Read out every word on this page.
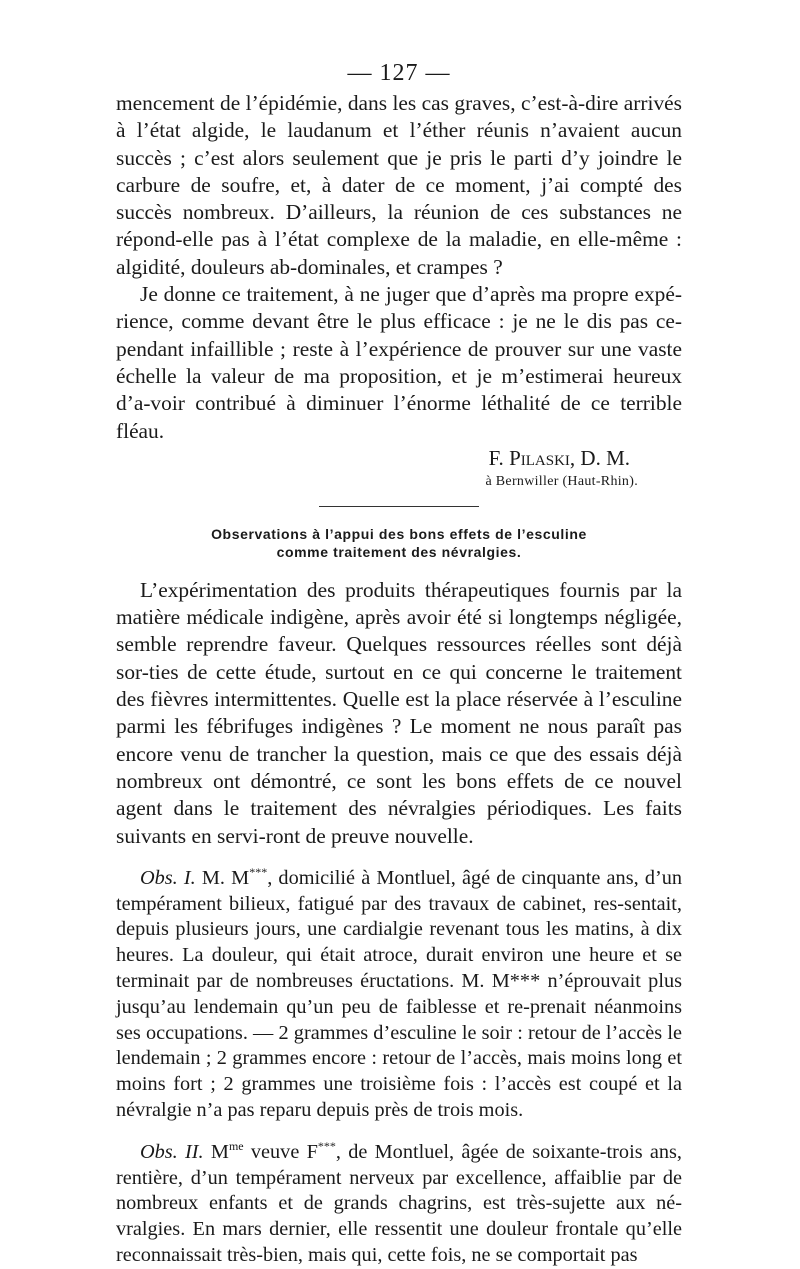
— 127 —

mencement de l’épidémie, dans les cas graves, c’est-à-dire arrivés à l’état algide, le laudanum et l’éther réunis n’avaient aucun succès ; c’est alors seulement que je pris le parti d’y joindre le carbure de soufre, et, à dater de ce moment, j’ai compté des succès nombreux. D’ailleurs, la réunion de ces substances ne répond-elle pas à l’état complexe de la maladie, en elle-même : algidité, douleurs ab-dominales, et crampes ?

Je donne ce traitement, à ne juger que d’après ma propre expé-rience, comme devant être le plus efficace : je ne le dis pas ce-pendant infaillible ; reste à l’expérience de prouver sur une vaste échelle la valeur de ma proposition, et je m’estimerai heureux d’a-voir contribué à diminuer l’énorme léthalité de ce terrible fléau.

F. Pilaski, D. M.
à Bernwiller (Haut-Rhin).
Observations à l’appui des bons effets de l’esculine
comme traitement des névralgies.

L’expérimentation des produits thérapeutiques fournis par la matière médicale indigène, après avoir été si longtemps négligée, semble reprendre faveur. Quelques ressources réelles sont déjà sor-ties de cette étude, surtout en ce qui concerne le traitement des fièvres intermittentes. Quelle est la place réservée à l’esculine parmi les fébrifuges indigènes ? Le moment ne nous paraît pas encore venu de trancher la question, mais ce que des essais déjà nombreux ont démontré, ce sont les bons effets de ce nouvel agent dans le traitement des névralgies périodiques. Les faits suivants en servi-ront de preuve nouvelle.

Obs. I. M. M***, domicilié à Montluel, âgé de cinquante ans, d’un tempérament bilieux, fatigué par des travaux de cabinet, res-sentait, depuis plusieurs jours, une cardialgie revenant tous les matins, à dix heures. La douleur, qui était atroce, durait environ une heure et se terminait par de nombreuses éructations. M. M*** n’éprouvait plus jusqu’au lendemain qu’un peu de faiblesse et re-prenait néanmoins ses occupations. — 2 grammes d’esculine le soir : retour de l’accès le lendemain ; 2 grammes encore : retour de l’accès, mais moins long et moins fort ; 2 grammes une troisième fois : l’accès est coupé et la névralgie n’a pas reparu depuis près de trois mois.

Obs. II. $M^{me}$ veuve F***, de Montluel, âgée de soixante-trois ans, rentière, d’un tempérament nerveux par excellence, affaiblie par de nombreux enfants et de grands chagrins, est très-sujette aux né-vralgies. En mars dernier, elle ressentit une douleur frontale qu’elle reconnaissait très-bien, mais qui, cette fois, ne se comportait pas
